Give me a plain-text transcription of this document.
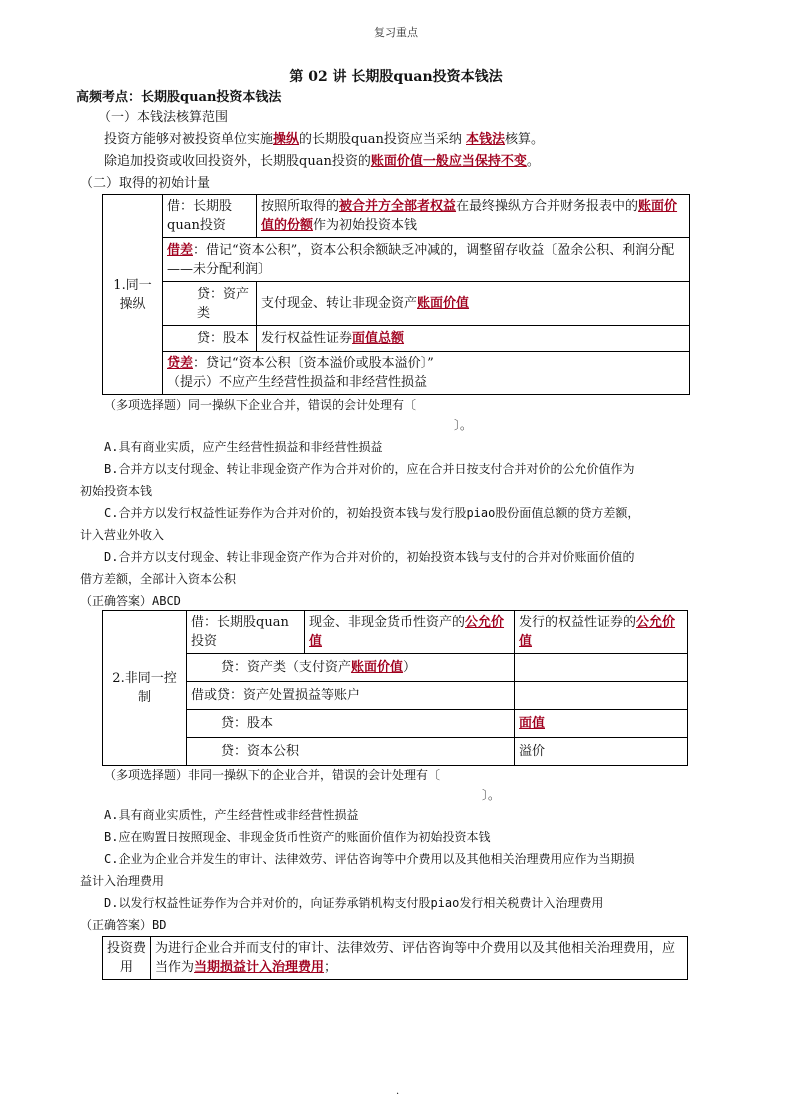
复习重点
第 02 讲 长期股quan投资本钱法
高频考点：长期股quan投资本钱法
（一）本钱法核算范围
投资方能够对被投资单位实施操纵的长期股quan投资应当采纳 本钱法核算。
除追加投资或收回投资外，长期股quan投资的账面价值一般应当保持不变。
（二）取得的初始计量
1.同一操纵	借：长期股quan投资	按照所取得的被合并方全部者权益在最终操纵方合并财务报表中的账面价值的份额作为初始投资本钱
	借差：借记“资本公积”，资本公积余额缺乏冲减的，调整留存收益〔盈余公积、利润分配——未分配利润〕	
	贷：资产类	支付现金、转让非现金资产账面价值
	贷：股本	发行权益性证券面值总额
	贷差：贷记“资本公积〔资本溢价或股本溢价〕”
（提示）不应产生经营性损益和非经营性损益	
（多项选择题）同一操纵下企业合并，错误的会计处理有〔
〕。
A.具有商业实质，应产生经营性损益和非经营性损益
B.合并方以支付现金、转让非现金资产作为合并对价的，应在合并日按支付合并对价的公允价值作为
初始投资本钱
C.合并方以发行权益性证券作为合并对价的，初始投资本钱与发行股piao股份面值总额的贷方差额，
计入营业外收入
D.合并方以支付现金、转让非现金资产作为合并对价的，初始投资本钱与支付的合并对价账面价值的
借方差额，全部计入资本公积
（正确答案）ABCD
2.非同一控制	借：长期股quan投资	现金、非现金货币性资产的公允价值	发行的权益性证券的公允价值
	贷：资产类（支付资产账面价值）		
	借或贷：资产处置损益等账户		
	贷：股本		面值
	贷：资本公积		溢价
（多项选择题）非同一操纵下的企业合并，错误的会计处理有〔
〕。
A.具有商业实质性，产生经营性或非经营性损益
B.应在购置日按照现金、非现金货币性资产的账面价值作为初始投资本钱
C.企业为企业合并发生的审计、法律效劳、评估咨询等中介费用以及其他相关治理费用应作为当期损
益计入治理费用
D.以发行权益性证券作为合并对价的，向证券承销机构支付股piao发行相关税费计入治理费用
（正确答案）BD
投资费用	为进行企业合并而支付的审计、法律效劳、评估咨询等中介费用以及其他相关治理费用，应当作为当期损益计入治理费用；
.
